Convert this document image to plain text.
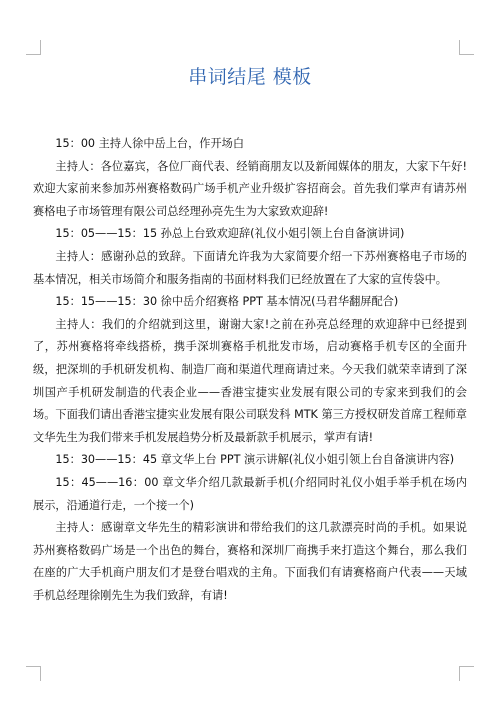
串词结尾 模板

15：00 主持人徐中岳上台，作开场白

主持人：各位嘉宾，各位厂商代表、经销商朋友以及新闻媒体的朋友，大家下午好!欢迎大家前来参加苏州赛格数码广场手机产业升级扩容招商会。首先我们掌声有请苏州赛格电子市场管理有限公司总经理孙亮先生为大家致欢迎辞!

15：05——15：15 孙总上台致欢迎辞(礼仪小姐引领上台自备演讲词)

主持人：感谢孙总的致辞。下面请允许我为大家简要介绍一下苏州赛格电子市场的基本情况，相关市场简介和服务指南的书面材料我们已经放置在了大家的宣传袋中。

15：15——15：30 徐中岳介绍赛格 PPT 基本情况(马君华翻屏配合)

主持人：我们的介绍就到这里，谢谢大家!之前在孙亮总经理的欢迎辞中已经提到了，苏州赛格将牵线搭桥，携手深圳赛格手机批发市场，启动赛格手机专区的全面升级，把深圳的手机研发机构、制造厂商和渠道代理商请过来。今天我们就荣幸请到了深圳国产手机研发制造的代表企业——香港宝捷实业发展有限公司的专家来到我们的会场。下面我们请出香港宝捷实业发展有限公司联发科 MTK 第三方授权研发首席工程师章文华先生为我们带来手机发展趋势分析及最新款手机展示，掌声有请!

15：30——15：45 章文华上台 PPT 演示讲解(礼仪小姐引领上台自备演讲内容)

15：45——16：00 章文华介绍几款最新手机(介绍同时礼仪小姐手举手机在场内展示，沿通道行走，一个接一个)

主持人：感谢章文华先生的精彩演讲和带给我们的这几款漂亮时尚的手机。如果说苏州赛格数码广场是一个出色的舞台，赛格和深圳厂商携手来打造这个舞台，那么我们在座的广大手机商户朋友们才是登台唱戏的主角。下面我们有请赛格商户代表——天域手机总经理徐刚先生为我们致辞，有请!
